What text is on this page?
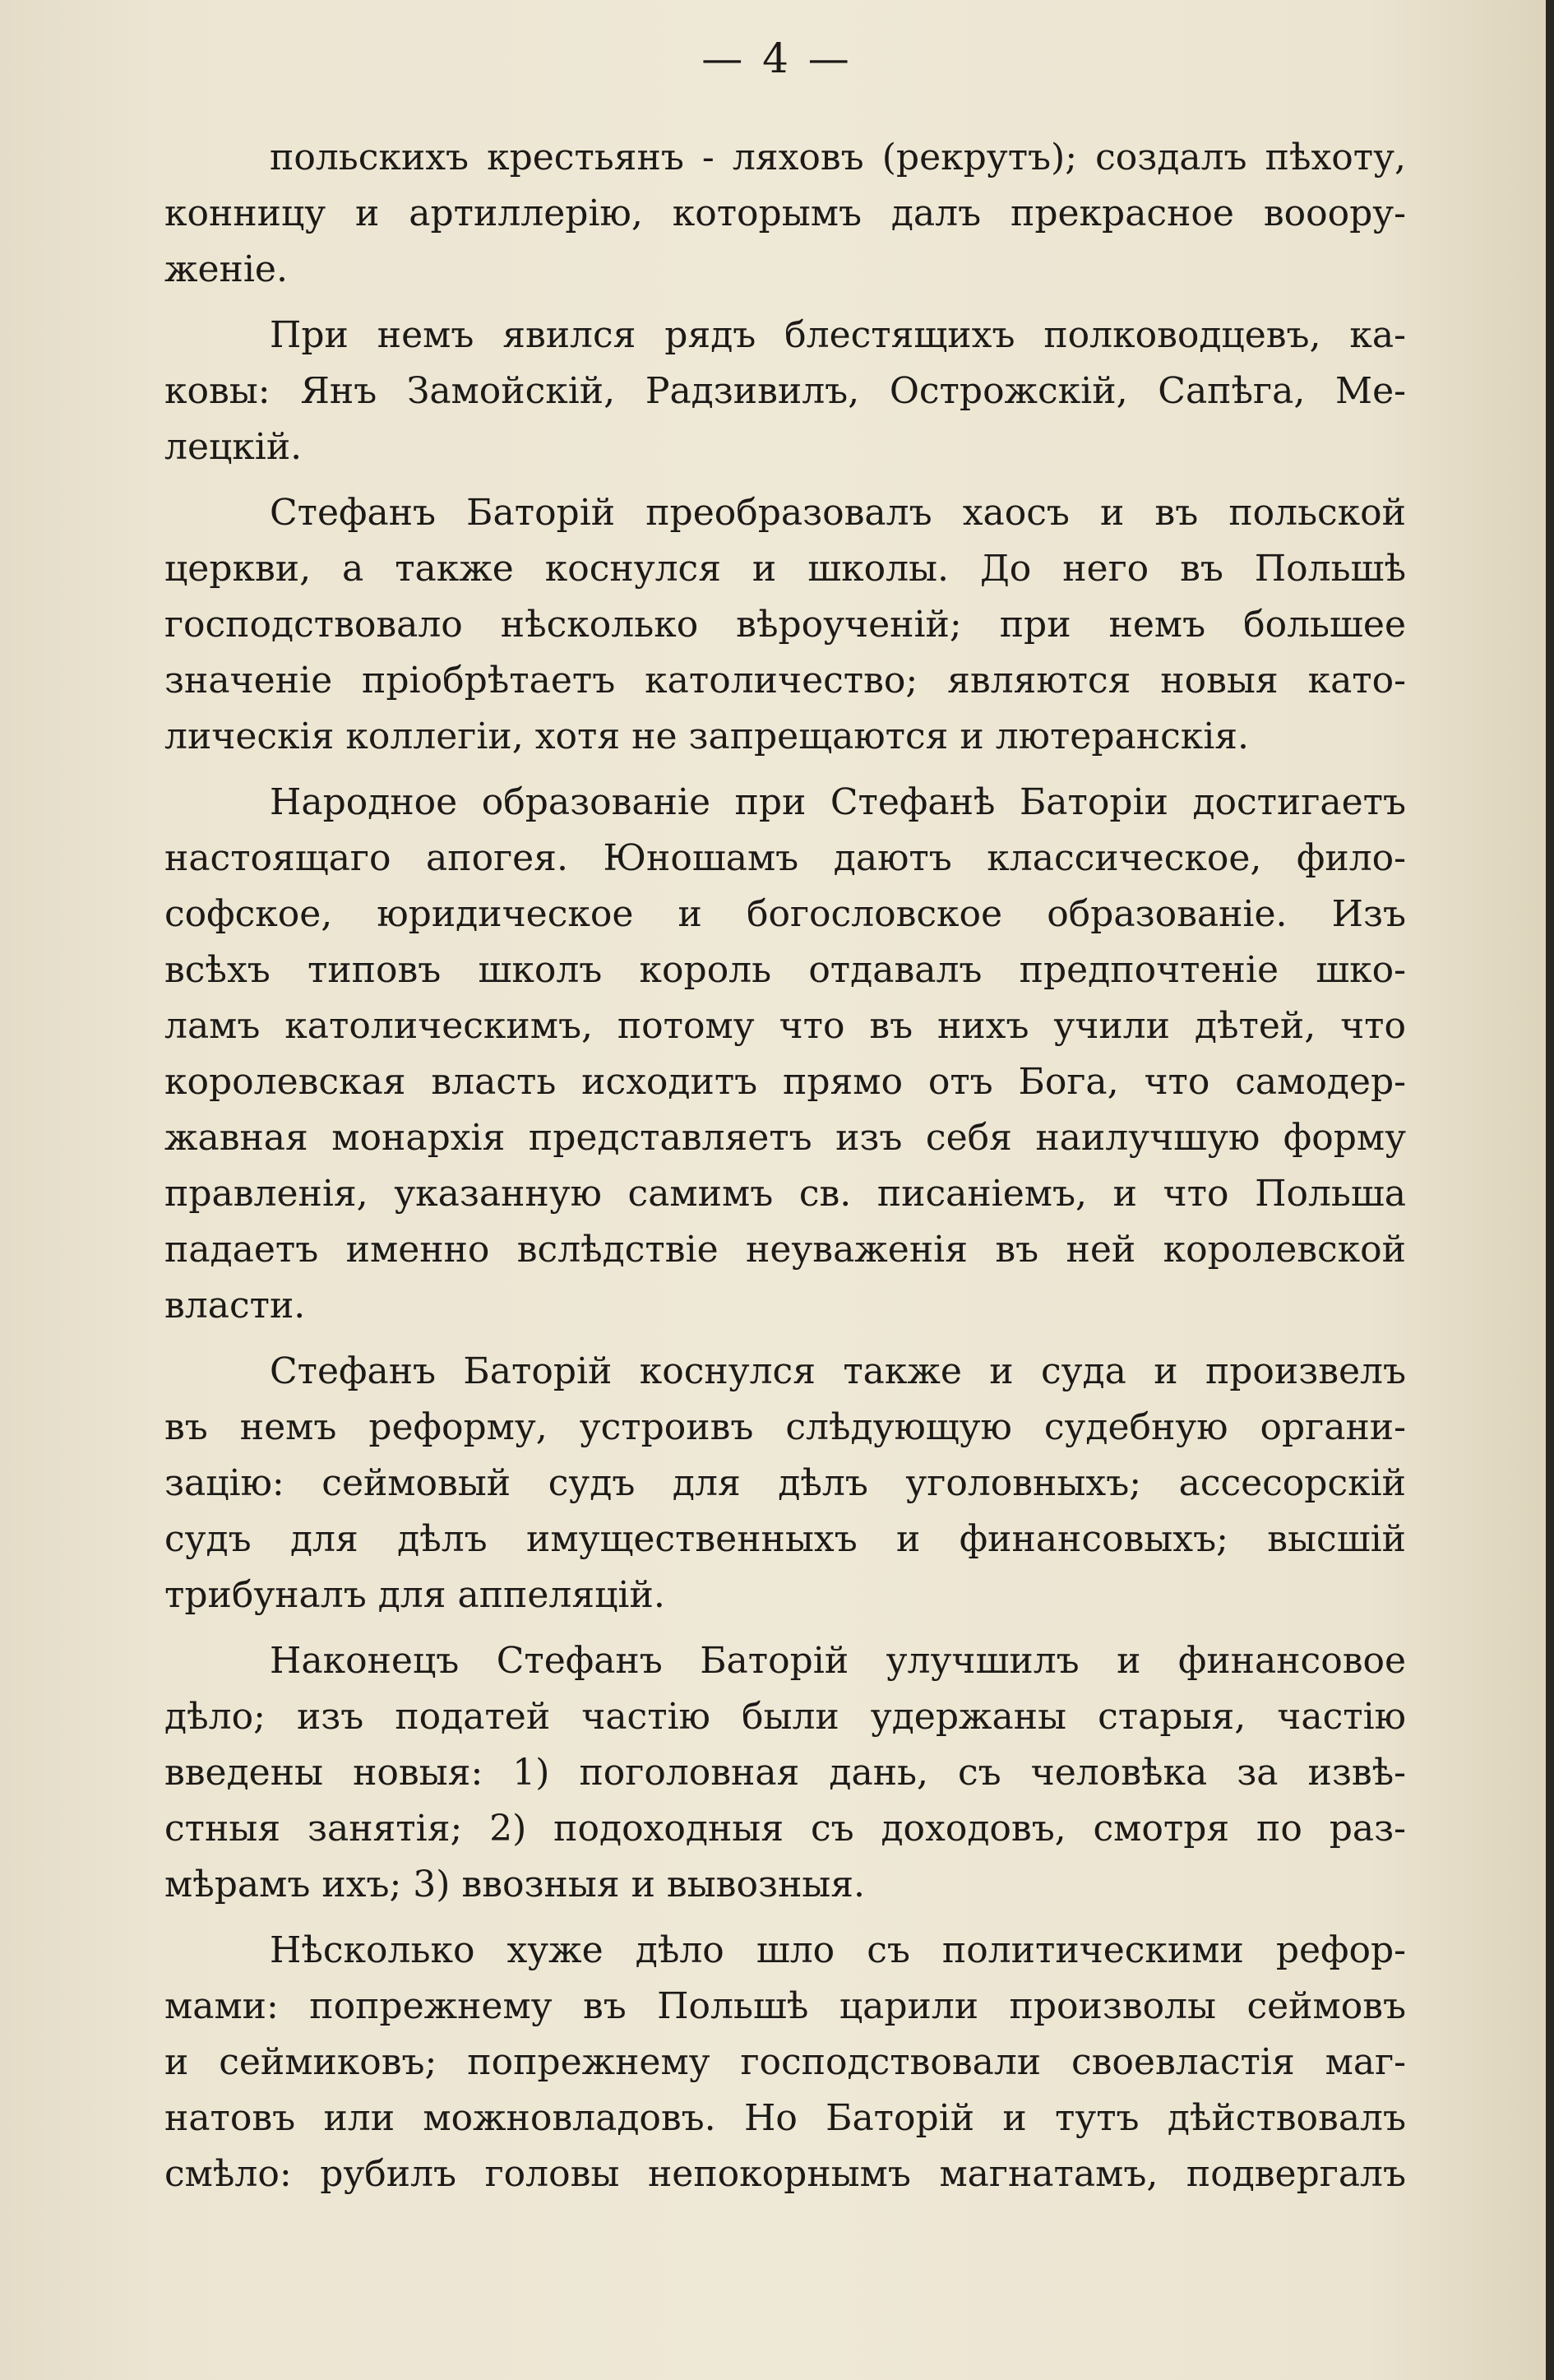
— 4 —
польскихъ крестьянъ - ляховъ (рекрутъ); создалъ пѣхоту,
конницу и артиллерію, которымъ далъ прекрасное вооору-
женіе.
При немъ явился рядъ блестящихъ полководцевъ, ка-
ковы: Янъ Замойскій, Радзивилъ, Острожскій, Сапѣга, Ме-
лецкій.
Стефанъ Баторій преобразовалъ хаосъ и въ польской
церкви, а также коснулся и школы. До него въ Польшѣ
господствовало нѣсколько вѣроученій; при немъ большее
значеніе пріобрѣтаетъ католичество; являются новыя като-
лическія коллегіи, хотя не запрещаются и лютеранскія.
Народное образованіе при Стефанѣ Баторіи достигаетъ
настоящаго апогея. Юношамъ даютъ классическое, фило-
софское, юридическое и богословское образованіе. Изъ
всѣхъ типовъ школъ король отдавалъ предпочтеніе шко-
ламъ католическимъ, потому что въ нихъ учили дѣтей, что
королевская власть исходитъ прямо отъ Бога, что самодер-
жавная монархія представляетъ изъ себя наилучшую форму
правленія, указанную самимъ св. писаніемъ, и что Польша
падаетъ именно вслѣдствіе неуваженія въ ней королевской
власти.
Стефанъ Баторій коснулся также и суда и произвелъ
въ немъ реформу, устроивъ слѣдующую судебную органи-
зацію: сеймовый судъ для дѣлъ уголовныхъ; ассесорскій
судъ для дѣлъ имущественныхъ и финансовыхъ; высшій
трибуналъ для аппеляцій.
Наконецъ Стефанъ Баторій улучшилъ и финансовое
дѣло; изъ податей частію были удержаны старыя, частію
введены новыя: 1) поголовная дань, съ человѣка за извѣ-
стныя занятія; 2) подоходныя съ доходовъ, смотря по раз-
мѣрамъ ихъ; 3) ввозныя и вывозныя.
Нѣсколько хуже дѣло шло съ политическими рефор-
мами: попрежнему въ Польшѣ царили произволы сеймовъ
и сеймиковъ; попрежнему господствовали своевластія маг-
натовъ или можновладовъ. Но Баторій и тутъ дѣйствовалъ
смѣло: рубилъ головы непокорнымъ магнатамъ, подвергалъ
